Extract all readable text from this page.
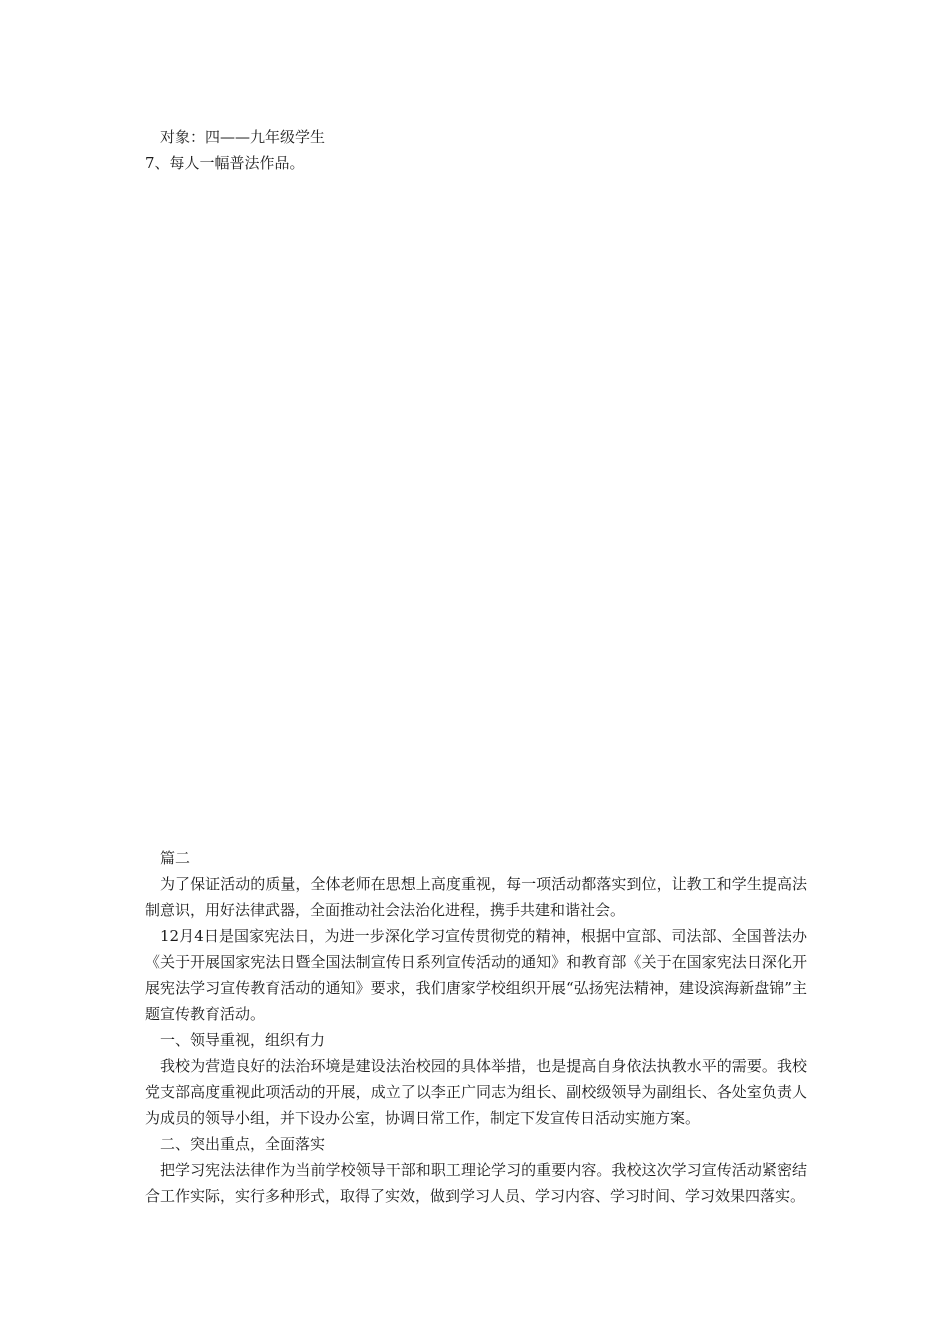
对象：四——九年级学生
7、每人一幅普法作品。
篇二

为了保证活动的质量，全体老师在思想上高度重视，每一项活动都落实到位，让教工和学生提高法制意识，用好法律武器，全面推动社会法治化进程，携手共建和谐社会。

12月4日是国家宪法日，为进一步深化学习宣传贯彻党的精神，根据中宣部、司法部、全国普法办《关于开展国家宪法日暨全国法制宣传日系列宣传活动的通知》和教育部《关于在国家宪法日深化开展宪法学习宣传教育活动的通知》要求，我们唐家学校组织开展“弘扬宪法精神，建设滨海新盘锦”主题宣传教育活动。

一、领导重视，组织有力

我校为营造良好的法治环境是建设法治校园的具体举措，也是提高自身依法执教水平的需要。我校党支部高度重视此项活动的开展，成立了以李正广同志为组长、副校级领导为副组长、各处室负责人为成员的领导小组，并下设办公室，协调日常工作，制定下发宣传日活动实施方案。

二、突出重点，全面落实

把学习宪法法律作为当前学校领导干部和职工理论学习的重要内容。我校这次学习宣传活动紧密结合工作实际，实行多种形式，取得了实效，做到学习人员、学习内容、学习时间、学习效果四落实。
